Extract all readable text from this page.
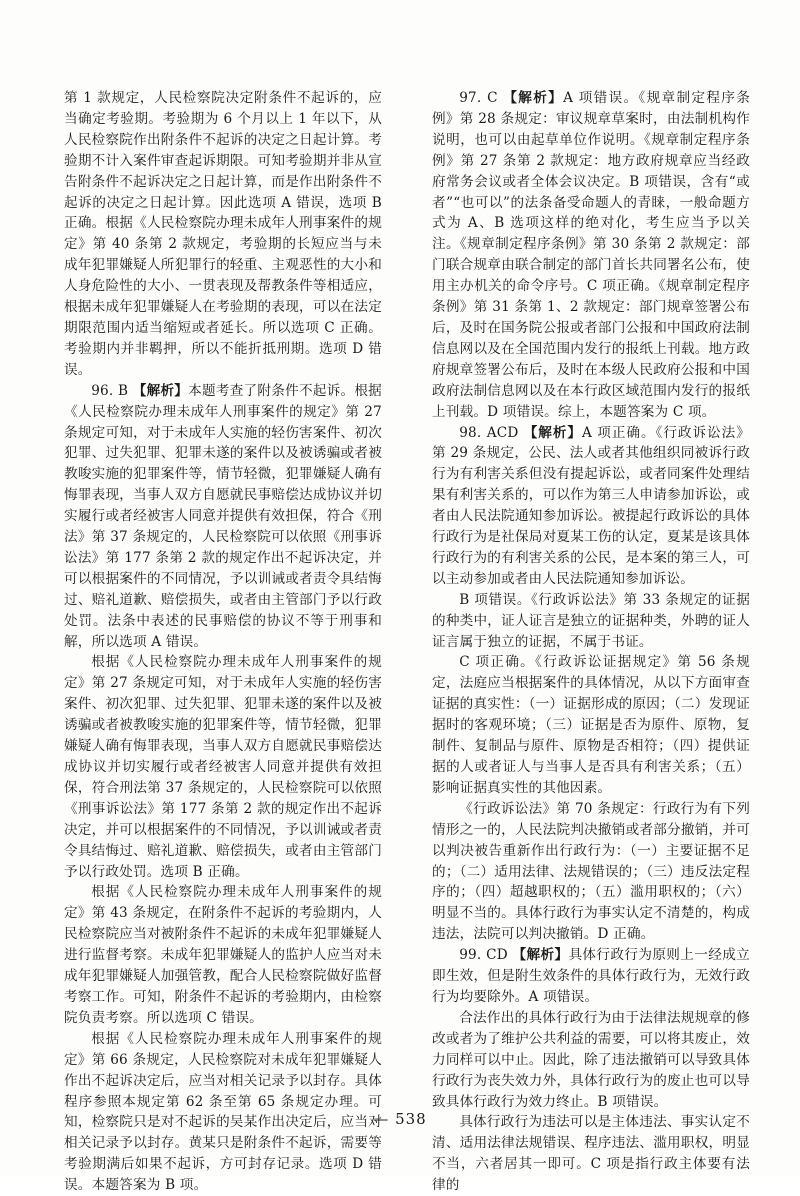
第 1 款规定，人民检察院决定附条件不起诉的，应当确定考验期。考验期为 6 个月以上 1 年以下，从人民检察院作出附条件不起诉的决定之日起计算。考验期不计入案件审查起诉期限。可知考验期并非从宣告附条件不起诉决定之日起计算，而是作出附条件不起诉的决定之日起计算。因此选项 A 错误，选项 B 正确。根据《人民检察院办理未成年人刑事案件的规定》第 40 条第 2 款规定，考验期的长短应当与未成年犯罪嫌疑人所犯罪行的轻重、主观恶性的大小和人身危险性的大小、一贯表现及帮教条件等相适应，根据未成年犯罪嫌疑人在考验期的表现，可以在法定期限范围内适当缩短或者延长。所以选项 C 正确。考验期内并非羁押，所以不能折抵刑期。选项 D 错误。

96. B 【解析】本题考查了附条件不起诉。根据《人民检察院办理未成年人刑事案件的规定》第 27 条规定可知，对于未成年人实施的轻伤害案件、初次犯罪、过失犯罪、犯罪未遂的案件以及被诱骗或者被教唆实施的犯罪案件等，情节轻微，犯罪嫌疑人确有悔罪表现，当事人双方自愿就民事赔偿达成协议并切实履行或者经被害人同意并提供有效担保，符合《刑法》第 37 条规定的，人民检察院可以依照《刑事诉讼法》第 177 条第 2 款的规定作出不起诉决定，并可以根据案件的不同情况，予以训诫或者责令具结悔过、赔礼道歉、赔偿损失，或者由主管部门予以行政处罚。法条中表述的民事赔偿的协议不等于刑事和解，所以选项 A 错误。

根据《人民检察院办理未成年人刑事案件的规定》第 27 条规定可知，对于未成年人实施的轻伤害案件、初次犯罪、过失犯罪、犯罪未遂的案件以及被诱骗或者被教唆实施的犯罪案件等，情节轻微，犯罪嫌疑人确有悔罪表现，当事人双方自愿就民事赔偿达成协议并切实履行或者经被害人同意并提供有效担保，符合刑法第 37 条规定的，人民检察院可以依照《刑事诉讼法》第 177 条第 2 款的规定作出不起诉决定，并可以根据案件的不同情况，予以训诫或者责令具结悔过、赔礼道歉、赔偿损失，或者由主管部门予以行政处罚。选项 B 正确。

根据《人民检察院办理未成年人刑事案件的规定》第 43 条规定，在附条件不起诉的考验期内，人民检察院应当对被附条件不起诉的未成年犯罪嫌疑人进行监督考察。未成年犯罪嫌疑人的监护人应当对未成年犯罪嫌疑人加强管教，配合人民检察院做好监督考察工作。可知，附条件不起诉的考验期内，由检察院负责考察。所以选项 C 错误。

根据《人民检察院办理未成年人刑事案件的规定》第 66 条规定，人民检察院对未成年犯罪嫌疑人作出不起诉决定后，应当对相关记录予以封存。具体程序参照本规定第 62 条至第 65 条规定办理。可知，检察院只是对不起诉的吴某作出决定后，应当对相关记录予以封存。黄某只是附条件不起诉，需要等考验期满后如果不起诉，方可封存记录。选项 D 错误。本题答案为 B 项。

97. C 【解析】A 项错误。《规章制定程序条例》第 28 条规定：审议规章草案时，由法制机构作说明，也可以由起草单位作说明。《规章制定程序条例》第 27 条第 2 款规定：地方政府规章应当经政府常务会议或者全体会议决定。B 项错误，含有“或者”“也可以”的法条备受命题人的青睐，一般命题方式为 A、B 选项这样的绝对化，考生应当予以关注。《规章制定程序条例》第 30 条第 2 款规定：部门联合规章由联合制定的部门首长共同署名公布，使用主办机关的命令序号。C 项正确。《规章制定程序条例》第 31 条第 1、2 款规定：部门规章签署公布后，及时在国务院公报或者部门公报和中国政府法制信息网以及在全国范围内发行的报纸上刊载。地方政府规章签署公布后，及时在本级人民政府公报和中国政府法制信息网以及在本行政区域范围内发行的报纸上刊载。D 项错误。综上，本题答案为 C 项。

98. ACD 【解析】A 项正确。《行政诉讼法》第 29 条规定，公民、法人或者其他组织同被诉行政行为有利害关系但没有提起诉讼，或者同案件处理结果有利害关系的，可以作为第三人申请参加诉讼，或者由人民法院通知参加诉讼。被提起行政诉讼的具体行政行为是社保局对夏某工伤的认定，夏某是该具体行政行为的有利害关系的公民，是本案的第三人，可以主动参加或者由人民法院通知参加诉讼。

B 项错误。《行政诉讼法》第 33 条规定的证据的种类中，证人证言是独立的证据种类，外聘的证人证言属于独立的证据，不属于书证。

C 项正确。《行政诉讼证据规定》第 56 条规定，法庭应当根据案件的具体情况，从以下方面审查证据的真实性：（一）证据形成的原因；（二）发现证据时的客观环境；（三）证据是否为原件、原物，复制件、复制品与原件、原物是否相符；（四）提供证据的人或者证人与当事人是否具有利害关系；（五）影响证据真实性的其他因素。

《行政诉讼法》第 70 条规定：行政行为有下列情形之一的，人民法院判决撤销或者部分撤销，并可以判决被告重新作出行政行为：（一）主要证据不足的；（二）适用法律、法规错误的；（三）违反法定程序的；（四）超越职权的；（五）滥用职权的；（六）明显不当的。具体行政行为事实认定不清楚的，构成违法，法院可以判决撤销。D 正确。

99. CD 【解析】具体行政行为原则上一经成立即生效，但是附生效条件的具体行政行为，无效行政行为均要除外。A 项错误。

合法作出的具体行政行为由于法律法规规章的修改或者为了维护公共利益的需要，可以将其废止，效力同样可以中止。因此，除了违法撤销可以导致具体行政行为丧失效力外，具体行政行为的废止也可以导致具体行政行为效力终止。B 项错误。

具体行政行为违法可以是主体违法、事实认定不清、适用法律法规错误、程序违法、滥用职权，明显不当，六者居其一即可。C 项是指行政主体要有法律的

— 538
